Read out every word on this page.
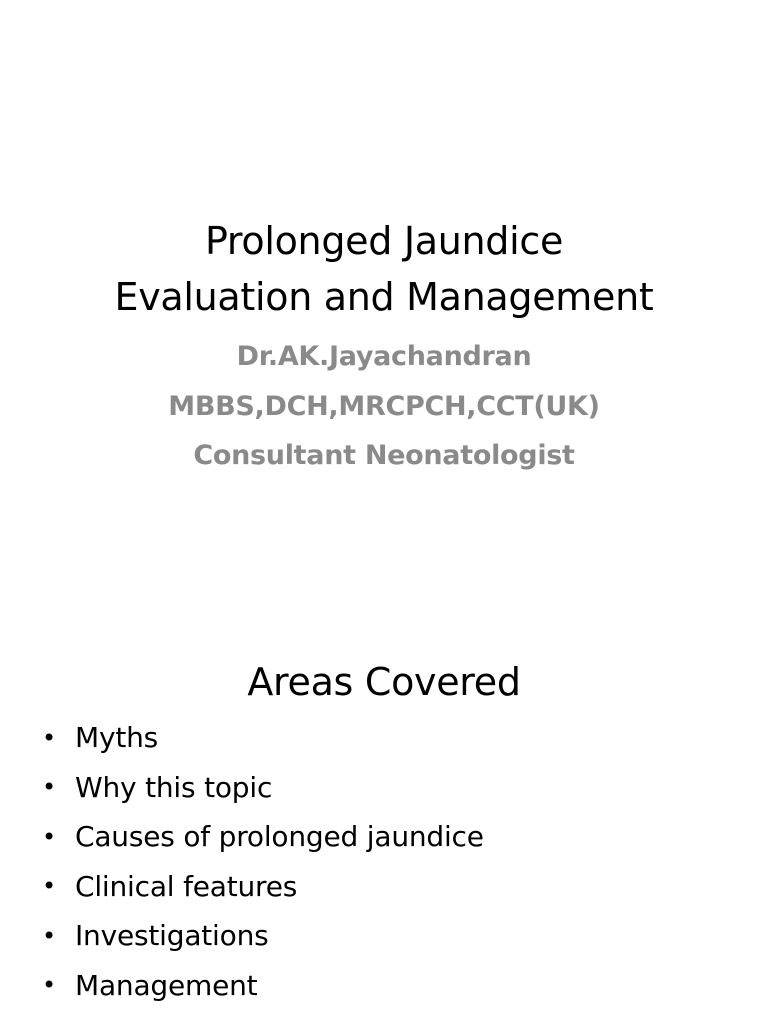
Prolonged Jaundice
Evaluation and Management
Dr.AK.Jayachandran
MBBS,DCH,MRCPCH,CCT(UK)
Consultant Neonatologist
Areas Covered
• Myths
• Why this topic
• Causes of prolonged jaundice
• Clinical features
• Investigations
• Management
